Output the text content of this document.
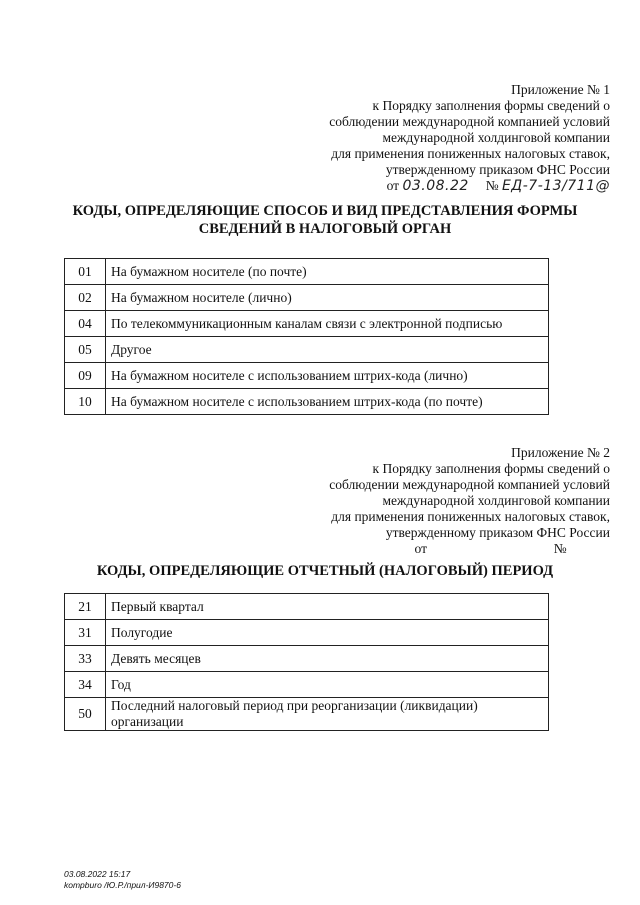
Приложение № 1
к Порядку заполнения формы сведений о
соблюдении международной компанией условий
международной холдинговой компании
для применения пониженных налоговых ставок,
утвержденному приказом ФНС России
от 03.08.22 № ЕД-7-13/711@
КОДЫ, ОПРЕДЕЛЯЮЩИЕ СПОСОБ И ВИД ПРЕДСТАВЛЕНИЯ ФОРМЫ СВЕДЕНИЙ В НАЛОГОВЫЙ ОРГАН
01	На бумажном носителе (по почте)
02	На бумажном носителе (лично)
04	По телекоммуникационным каналам связи с электронной подписью
05	Другое
09	На бумажном носителе с использованием штрих-кода (лично)
10	На бумажном носителе с использованием штрих-кода (по почте)
Приложение № 2
к Порядку заполнения формы сведений о
соблюдении международной компанией условий
международной холдинговой компании
для применения пониженных налоговых ставок,
утвержденному приказом ФНС России
от	№
КОДЫ, ОПРЕДЕЛЯЮЩИЕ ОТЧЕТНЫЙ (НАЛОГОВЫЙ) ПЕРИОД
21	Первый квартал
31	Полугодие
33	Девять месяцев
34	Год
50	Последний налоговый период при реорганизации (ликвидации) организации
03.08.2022 15:17
kompburo /Ю.Р./прил-И9870-6
